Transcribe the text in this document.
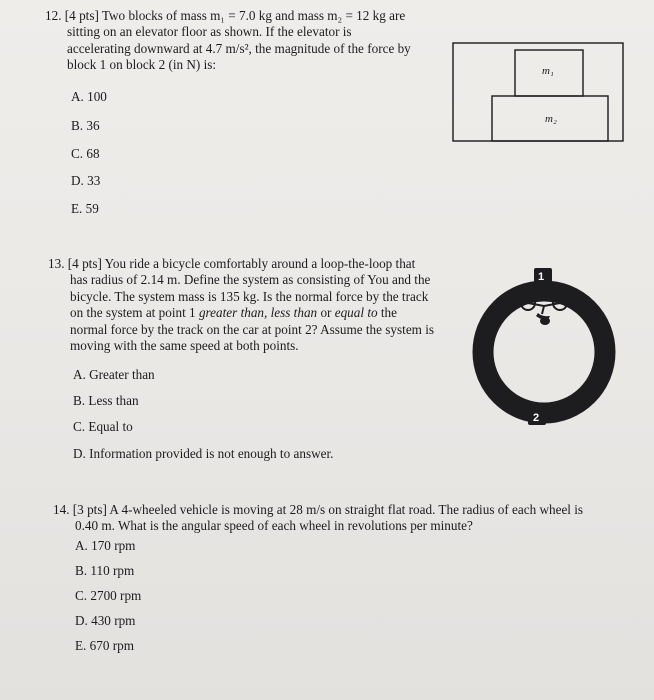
12. [4 pts] Two blocks of mass m₁ = 7.0 kg and mass m₂ = 12 kg are

sitting on an elevator floor as shown. If the elevator is

accelerating downward at 4.7 m/s², the magnitude of the force by

block 1 on block 2 (in N) is:

A. 100
B. 36
C. 68
D. 33
E. 59
m₁
m₂

13. [4 pts] You ride a bicycle comfortably around a loop-the-loop that

has radius of 2.14 m. Define the system as consisting of You and the

bicycle. The system mass is 135 kg. Is the normal force by the track

on the system at point 1 greater than, less than or equal to the

normal force by the track on the car at point 2? Assume the system is

moving with the same speed at both points.

A. Greater than
B. Less than
C. Equal to
D. Information provided is not enough to answer.
1
2

14. [3 pts] A 4-wheeled vehicle is moving at 28 m/s on straight flat road. The radius of each wheel is

0.40 m. What is the angular speed of each wheel in revolutions per minute?

A. 170 rpm
B. 110 rpm
C. 2700 rpm
D. 430 rpm
E. 670 rpm
